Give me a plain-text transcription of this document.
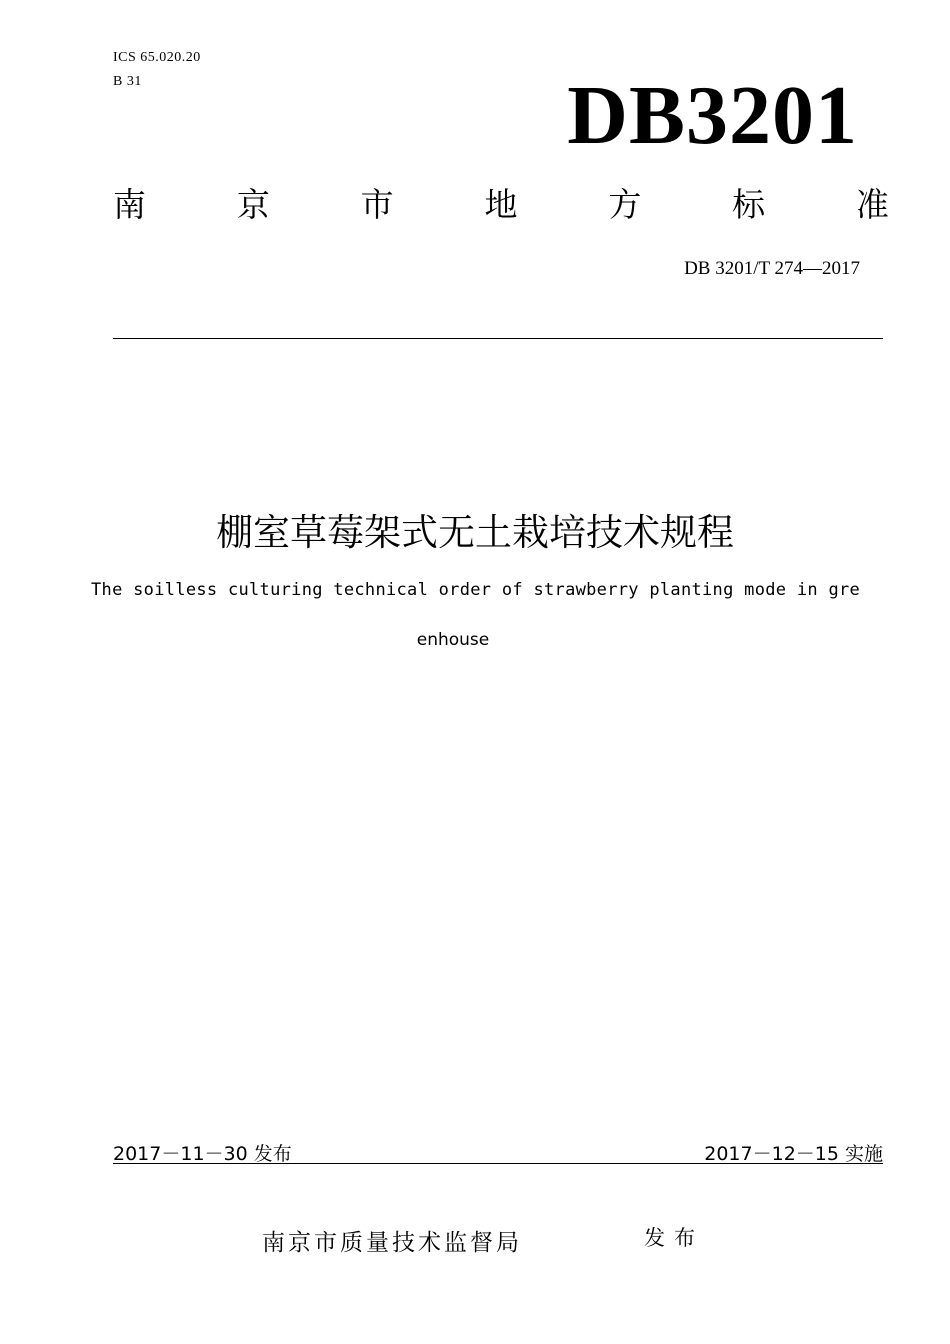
ICS 65.020.20
B 31	DB3201
南	京	市	地	方	标	准
DB 3201/T 274—2017
棚室草莓架式无土栽培技术规程
The soilless culturing technical order of strawberry planting mode in gre
enhouse
2017－11－30 发布	2017－12－15 实施
南京市质量技术监督局	发布
